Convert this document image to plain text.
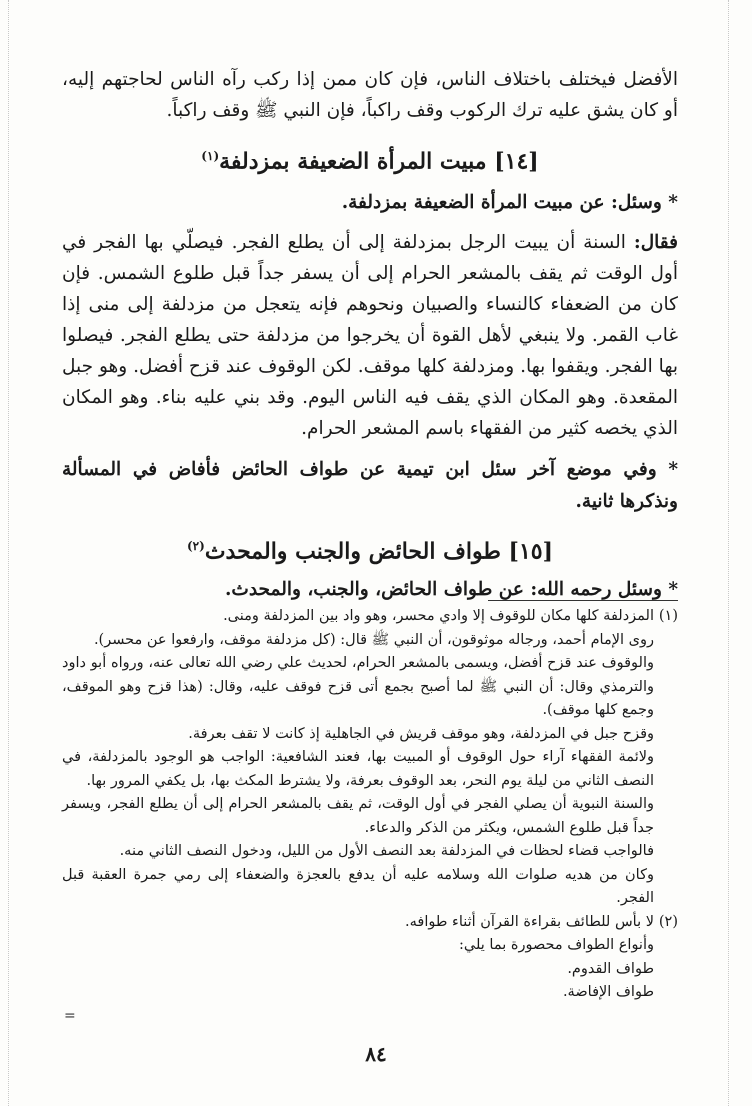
الأفضل فيختلف باختلاف الناس، فإن كان ممن إذا ركب رآه الناس لحاجتهم إليه، أو كان يشق عليه ترك الركوب وقف راكباً، فإن النبي ﷺ وقف راكباً.

[١٤] مبيت المرأة الضعيفة بمزدلفة$^{(١)}$

* وسئل: عن مبيت المرأة الضعيفة بمزدلفة.

فقال: السنة أن يبيت الرجل بمزدلفة إلى أن يطلع الفجر. فيصلّي بها الفجر في أول الوقت ثم يقف بالمشعر الحرام إلى أن يسفر جداً قبل طلوع الشمس. فإن كان من الضعفاء كالنساء والصبيان ونحوهم فإنه يتعجل من مزدلفة إلى منى إذا غاب القمر. ولا ينبغي لأهل القوة أن يخرجوا من مزدلفة حتى يطلع الفجر. فيصلوا بها الفجر. ويقفوا بها. ومزدلفة كلها موقف. لكن الوقوف عند قزح أفضل. وهو جبل المقعدة. وهو المكان الذي يقف فيه الناس اليوم. وقد بني عليه بناء. وهو المكان الذي يخصه كثير من الفقهاء باسم المشعر الحرام.

* وفي موضع آخر سئل ابن تيمية عن طواف الحائض فأفاض في المسألة ونذكرها ثانية.

[١٥] طواف الحائض والجنب والمحدث$^{(٢)}$

* وسئل رحمه الله: عن طواف الحائض، والجنب، والمحدث.

(١)المزدلفة كلها مكان للوقوف إلا وادي محسر، وهو واد بين المزدلفة ومنى.

روى الإمام أحمد، ورجاله موثوقون، أن النبي ﷺ قال: (كل مزدلفة موقف، وارفعوا عن محسر).

والوقوف عند قزح أفضل، ويسمى بالمشعر الحرام، لحديث علي رضي الله تعالى عنه، ورواه أبو داود والترمذي وقال: أن النبي ﷺ لما أصبح بجمع أتى قزح فوقف عليه، وقال: (هذا قزح وهو الموقف، وجمع كلها موقف).

وقزح جبل في المزدلفة، وهو موقف قريش في الجاهلية إذ كانت لا تقف بعرفة.

ولائمة الفقهاء آراء حول الوقوف أو المبيت بها، فعند الشافعية: الواجب هو الوجود بالمزدلفة، في النصف الثاني من ليلة يوم النحر، بعد الوقوف بعرفة، ولا يشترط المكث بها، بل يكفي المرور بها.

والسنة النبوية أن يصلي الفجر في أول الوقت، ثم يقف بالمشعر الحرام إلى أن يطلع الفجر، ويسفر جداً قبل طلوع الشمس، ويكثر من الذكر والدعاء.

فالواجب قضاء لحظات في المزدلفة بعد النصف الأول من الليل، ودخول النصف الثاني منه.

وكان من هديه صلوات الله وسلامه عليه أن يدفع بالعجزة والضعفاء إلى رمي جمرة العقبة قبل الفجر.

(٢)لا بأس للطائف بقراءة القرآن أثناء طوافه.

وأنواع الطواف محصورة بما يلي:

طواف القدوم.

طواف الإفاضة.

=
٨٤
